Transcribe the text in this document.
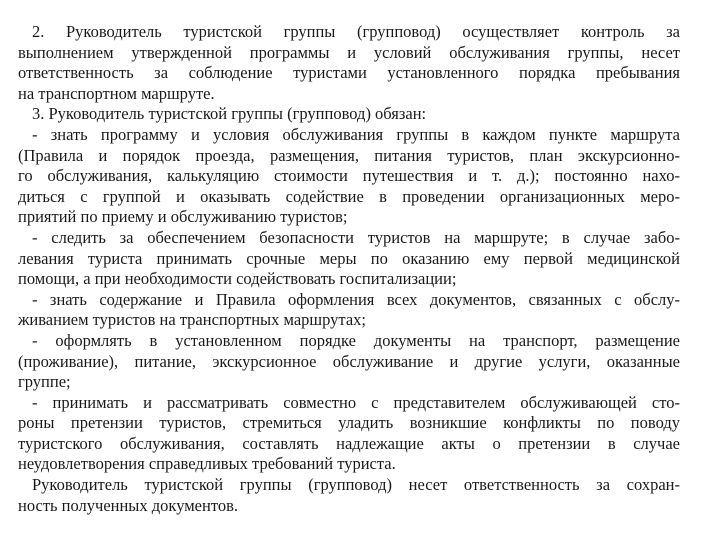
2. Руководитель туристской группы (групповод) осуществляет контроль за
выполнением утвержденной программы и условий обслуживания группы, несет
ответственность за соблюдение туристами установленного порядка пребывания
на транспортном маршруте.
3. Руководитель туристской группы (групповод) обязан:
- знать программу и условия обслуживания группы в каждом пункте маршрута
(Правила и порядок проезда, размещения, питания туристов, план экскурсионно-
го обслуживания, калькуляцию стоимости путешествия и т. д.); постоянно нахо-
диться с группой и оказывать содействие в проведении организационных меро-
приятий по приему и обслуживанию туристов;
- следить за обеспечением безопасности туристов на маршруте; в случае забо-
левания туриста принимать срочные меры по оказанию ему первой медицинской
помощи, а при необходимости содействовать госпитализации;
- знать содержание и Правила оформления всех документов, связанных с обслу-
живанием туристов на транспортных маршрутах;
- оформлять в установленном порядке документы на транспорт, размещение
(проживание), питание, экскурсионное обслуживание и другие услуги, оказанные
группе;
- принимать и рассматривать совместно с представителем обслуживающей сто-
роны претензии туристов, стремиться уладить возникшие конфликты по поводу
туристского обслуживания, составлять надлежащие акты о претензии в случае
неудовлетворения справедливых требований туриста.
Руководитель туристской группы (групповод) несет ответственность за сохран-
ность полученных документов.
